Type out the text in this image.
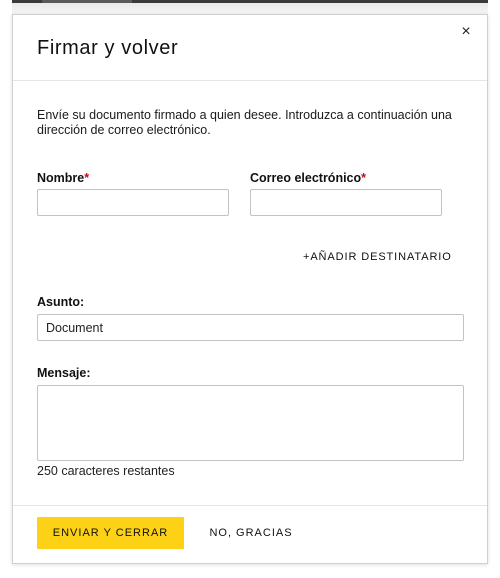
×
Firmar y volver
Envíe su documento firmado a quien desee. Introduzca a continuación una dirección de correo electrónico.
Nombre*	Correo electrónico*
+AÑADIR DESTINATARIO
Asunto:
Document
Mensaje:
250 caracteres restantes
ENVIAR Y CERRAR	NO, GRACIAS
